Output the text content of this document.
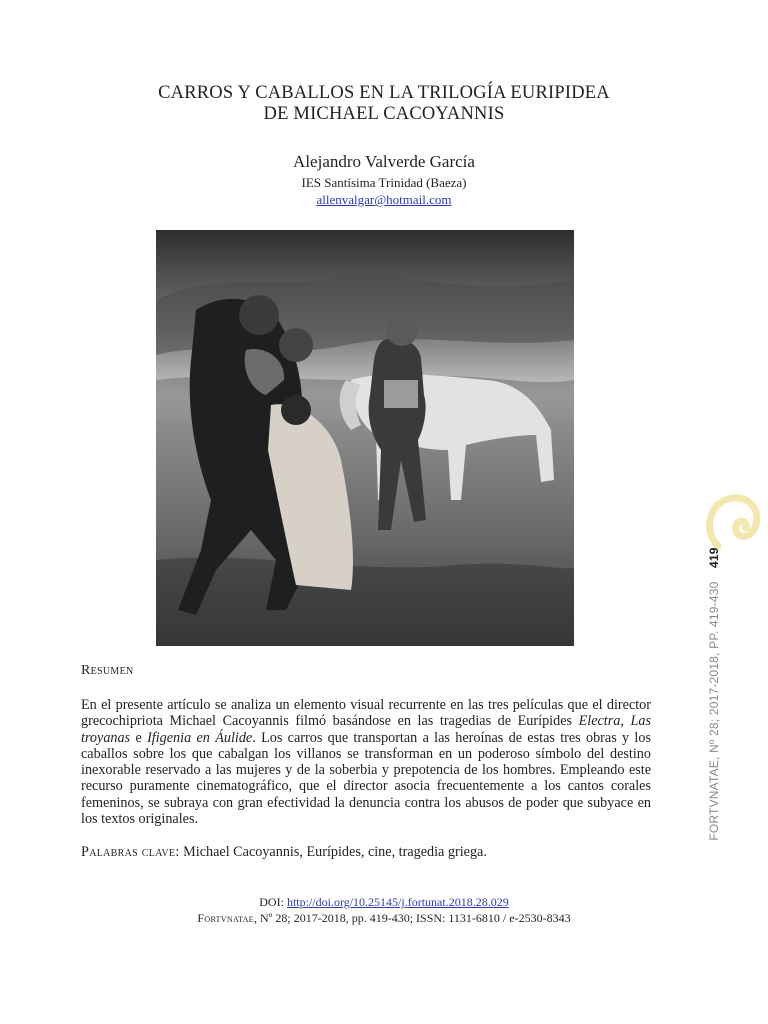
CARROS Y CABALLOS EN LA TRILOGÍA EURIPIDEA
DE MICHAEL CACOYANNIS
Alejandro Valverde García
IES Santísima Trinidad (Baeza)
allenvalgar@hotmail.com
FORTVNATAE, Nº 28; 2017-2018, PP. 419-430 419
Resumen
En el presente artículo se analiza un elemento visual recurrente en las tres películas que el director grecochipriota Michael Cacoyannis filmó basándose en las tragedias de Eurípides Electra, Las troyanas e Ifigenia en Áulide. Los carros que transportan a las heroínas de estas tres obras y los caballos sobre los que cabalgan los villanos se transforman en un poderoso símbolo del destino inexorable reservado a las mujeres y de la soberbia y prepotencia de los hombres. Empleando este recurso puramente cinematográfico, que el director asocia frecuentemente a los cantos corales femeninos, se subraya con gran efectividad la denuncia contra los abusos de poder que subyace en los textos originales.
Palabras clave: Michael Cacoyannis, Eurípides, cine, tragedia griega.
DOI: http://doi.org/10.25145/j.fortunat.2018.28.029
Fortvnatae, Nº 28; 2017-2018, pp. 419-430; ISSN: 1131-6810 / e-2530-8343
